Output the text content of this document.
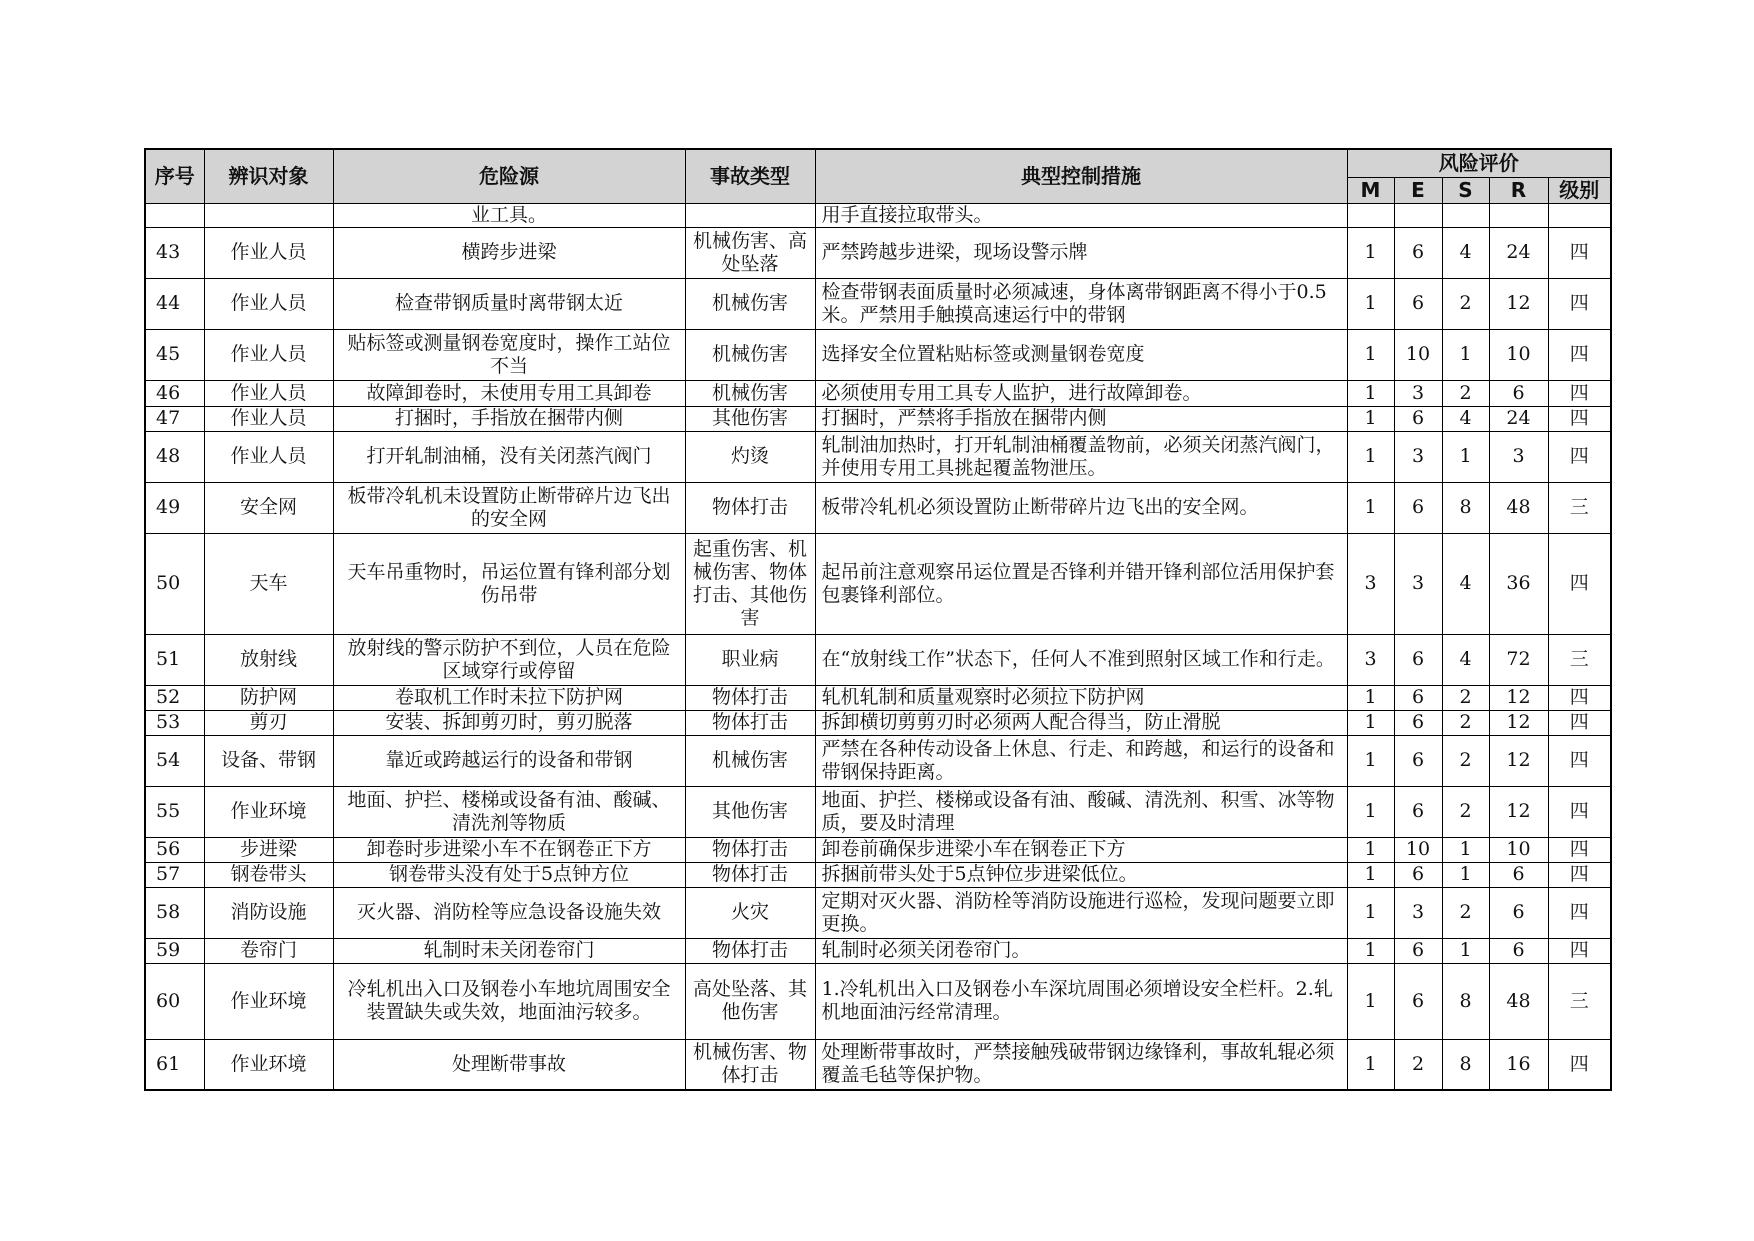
序号	辨识对象	危险源	事故类型	典型控制措施	风险评价				
					M	E	S	R	级别
		业工具。		用手直接拉取带头。					
43	作业人员	横跨步进梁	机械伤害、高处坠落	严禁跨越步进梁，现场设警示牌	1	6	4	24	四
44	作业人员	检查带钢质量时离带钢太近	机械伤害	检查带钢表面质量时必须减速，身体离带钢距离不得小于0.5米。严禁用手触摸高速运行中的带钢	1	6	2	12	四
45	作业人员	贴标签或测量钢卷宽度时，操作工站位不当	机械伤害	选择安全位置粘贴标签或测量钢卷宽度	1	10	1	10	四
46	作业人员	故障卸卷时，未使用专用工具卸卷	机械伤害	必须使用专用工具专人监护，进行故障卸卷。	1	3	2	6	四
47	作业人员	打捆时，手指放在捆带内侧	其他伤害	打捆时，严禁将手指放在捆带内侧	1	6	4	24	四
48	作业人员	打开轧制油桶，没有关闭蒸汽阀门	灼烫	轧制油加热时，打开轧制油桶覆盖物前，必须关闭蒸汽阀门，并使用专用工具挑起覆盖物泄压。	1	3	1	3	四
49	安全网	板带冷轧机未设置防止断带碎片边飞出的安全网	物体打击	板带冷轧机必须设置防止断带碎片边飞出的安全网。	1	6	8	48	三
50	天车	天车吊重物时，吊运位置有锋利部分划伤吊带	起重伤害、机械伤害、物体打击、其他伤害	起吊前注意观察吊运位置是否锋利并错开锋利部位活用保护套包裹锋利部位。	3	3	4	36	四
51	放射线	放射线的警示防护不到位，人员在危险区域穿行或停留	职业病	在“放射线工作”状态下，任何人不准到照射区域工作和行走。	3	6	4	72	三
52	防护网	卷取机工作时未拉下防护网	物体打击	轧机轧制和质量观察时必须拉下防护网	1	6	2	12	四
53	剪刃	安装、拆卸剪刃时，剪刃脱落	物体打击	拆卸横切剪剪刃时必须两人配合得当，防止滑脱	1	6	2	12	四
54	设备、带钢	靠近或跨越运行的设备和带钢	机械伤害	严禁在各种传动设备上休息、行走、和跨越，和运行的设备和带钢保持距离。	1	6	2	12	四
55	作业环境	地面、护拦、楼梯或设备有油、酸碱、清洗剂等物质	其他伤害	地面、护拦、楼梯或设备有油、酸碱、清洗剂、积雪、冰等物质，要及时清理	1	6	2	12	四
56	步进梁	卸卷时步进梁小车不在钢卷正下方	物体打击	卸卷前确保步进梁小车在钢卷正下方	1	10	1	10	四
57	钢卷带头	钢卷带头没有处于5点钟方位	物体打击	拆捆前带头处于5点钟位步进梁低位。	1	6	1	6	四
58	消防设施	灭火器、消防栓等应急设备设施失效	火灾	定期对灭火器、消防栓等消防设施进行巡检，发现问题要立即更换。	1	3	2	6	四
59	卷帘门	轧制时未关闭卷帘门	物体打击	轧制时必须关闭卷帘门。	1	6	1	6	四
60	作业环境	冷轧机出入口及钢卷小车地坑周围安全装置缺失或失效，地面油污较多。	高处坠落、其他伤害	1.冷轧机出入口及钢卷小车深坑周围必须增设安全栏杆。2.轧机地面油污经常清理。	1	6	8	48	三
61	作业环境	处理断带事故	机械伤害、物体打击	处理断带事故时，严禁接触残破带钢边缘锋利，事故轧辊必须覆盖毛毡等保护物。	1	2	8	16	四
